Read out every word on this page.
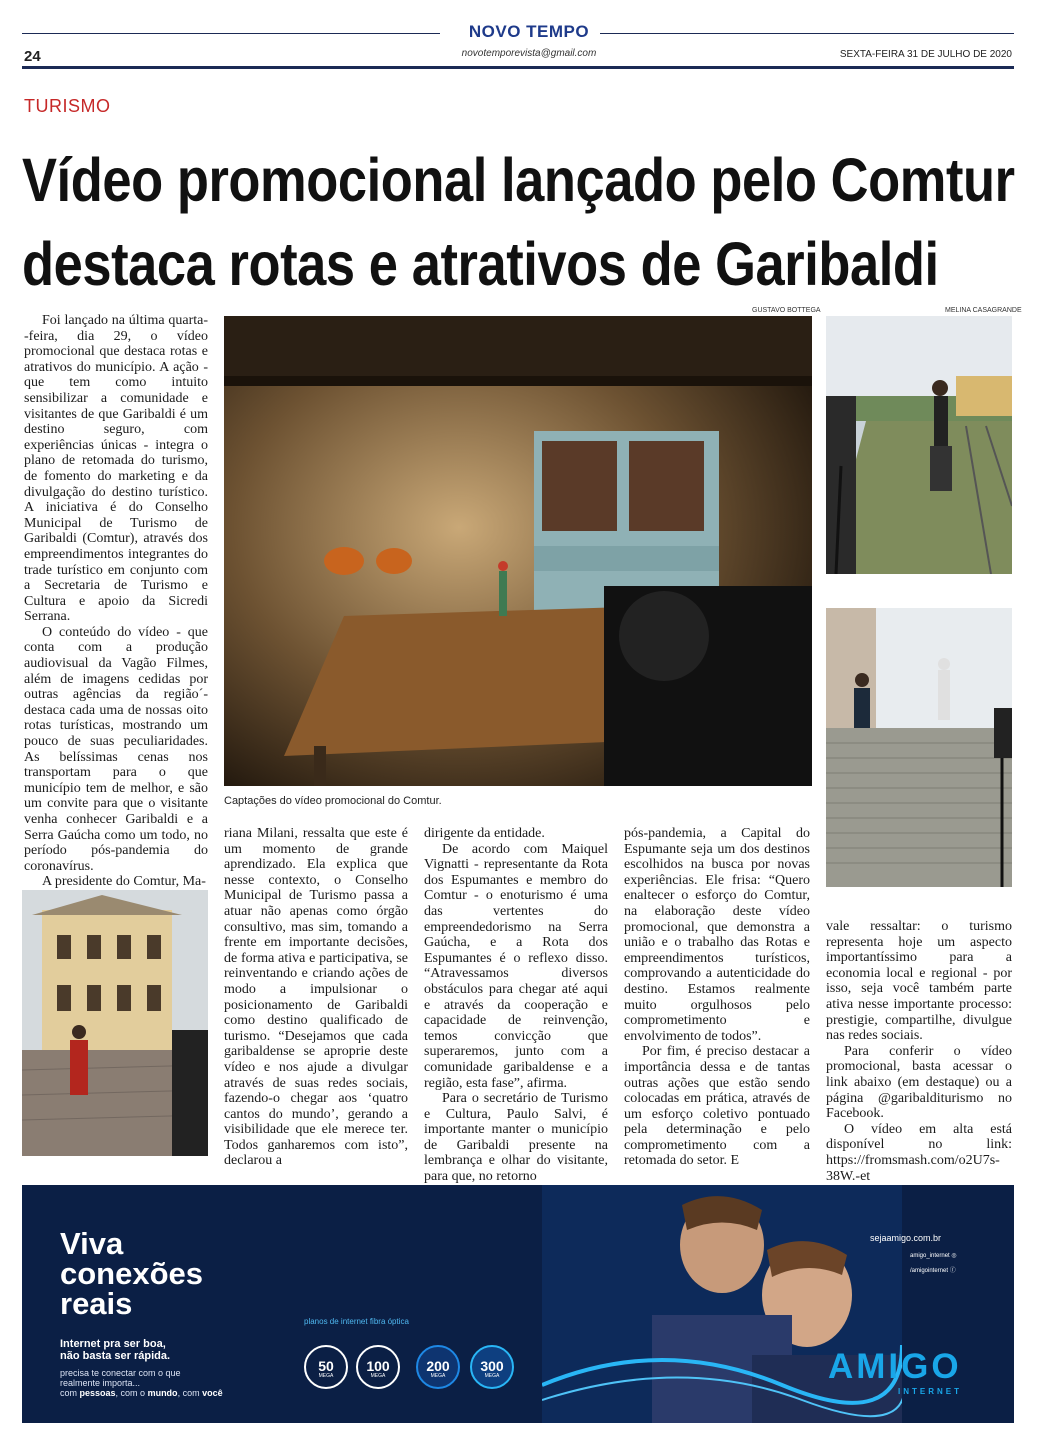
NOVO TEMPO
novotemporevista@gmail.com
24	SEXTA-FEIRA 31 DE JULHO DE 2020
TURISMO
Vídeo promocional lançado pelo Comtur
destaca rotas e atrativos de Garibaldi
GUSTAVO BOTTEGA	MELINA CASAGRANDE
Captações do vídeo promocional do Comtur.

Foi lançado na última quarta--feira, dia 29, o vídeo promocional que destaca rotas e atrativos do município. A ação - que tem como intuito sensibilizar a comunidade e visitantes de que Garibaldi é um destino seguro, com experiências únicas - integra o plano de retomada do turismo, de fomento do marketing e da divulgação do destino turístico. A iniciativa é do Conselho Municipal de Turismo de Garibaldi (Comtur), através dos empreendimentos integrantes do trade turístico em conjunto com a Secretaria de Turismo e Cultura e apoio da Sicredi Serrana.

O conteúdo do vídeo - que conta com a produção audiovisual da Vagão Filmes, além de imagens cedidas por outras agências da região´- destaca cada uma de nossas oito rotas turísticas, mostrando um pouco de suas peculiaridades. As belíssimas cenas nos transportam para o que município tem de melhor, e são um convite para que o visitante venha conhecer Garibaldi e a Serra Gaúcha como um todo, no período pós-pandemia do coronavírus.

A presidente do Comtur, Ma-

riana Milani, ressalta que este é um momento de grande aprendizado. Ela explica que nesse contexto, o Conselho Municipal de Turismo passa a atuar não apenas como órgão consultivo, mas sim, tomando a frente em importante decisões, de forma ativa e participativa, se reinventando e criando ações de modo a impulsionar o posicionamento de Garibaldi como destino qualificado de turismo. “Desejamos que cada garibaldense se aproprie deste vídeo e nos ajude a divulgar através de suas redes sociais, fazendo-o chegar aos ‘quatro cantos do mundo’, gerando a visibilidade que ele merece ter. Todos ganharemos com isto”, declarou a

dirigente da entidade.

De acordo com Maiquel Vignatti - representante da Rota dos Espumantes e membro do Comtur - o enoturismo é uma das vertentes do empreendedorismo na Serra Gaúcha, e a Rota dos Espumantes é o reflexo disso. “Atravessamos diversos obstáculos para chegar até aqui e através da cooperação e capacidade de reinvenção, temos convicção que superaremos, junto com a comunidade garibaldense e a região, esta fase”, afirma.

Para o secretário de Turismo e Cultura, Paulo Salvi, é importante manter o município de Garibaldi presente na lembrança e olhar do visitante, para que, no retorno

pós-pandemia, a Capital do Espumante seja um dos destinos escolhidos na busca por novas experiências. Ele frisa: “Quero enaltecer o esforço do Comtur, na elaboração deste vídeo promocional, que demonstra a união e o trabalho das Rotas e empreendimentos turísticos, comprovando a autenticidade do destino. Estamos realmente muito orgulhosos pelo comprometimento e envolvimento de todos”.

Por fim, é preciso destacar a importância dessa e de tantas outras ações que estão sendo colocadas em prática, através de um esforço coletivo pontuado pela determinação e pelo comprometimento com a retomada do setor. E

vale ressaltar: o turismo representa hoje um aspecto importantíssimo para a economia local e regional - por isso, seja você também parte ativa nesse importante processo: prestigie, compartilhe, divulgue nas redes sociais.

Para conferir o vídeo promocional, basta acessar o link abaixo (em destaque) ou a página @garibalditurismo no Facebook.

O vídeo em alta está disponível no link: https://fromsmash.com/o2U7s-38W.-et

Viva
conexões
reais
Internet pra ser boa,
não basta ser rápida.
precisa te conectar com o que
realmente importa...
com pessoas, com o mundo, com você
planos de internet fibra óptica
50
MEGA
100
MEGA
200
MEGA
300
MEGA
sejaamigo.com.br
amigo_internet ◎
/amigointernet ⓕ
AMIGO
INTERNET
